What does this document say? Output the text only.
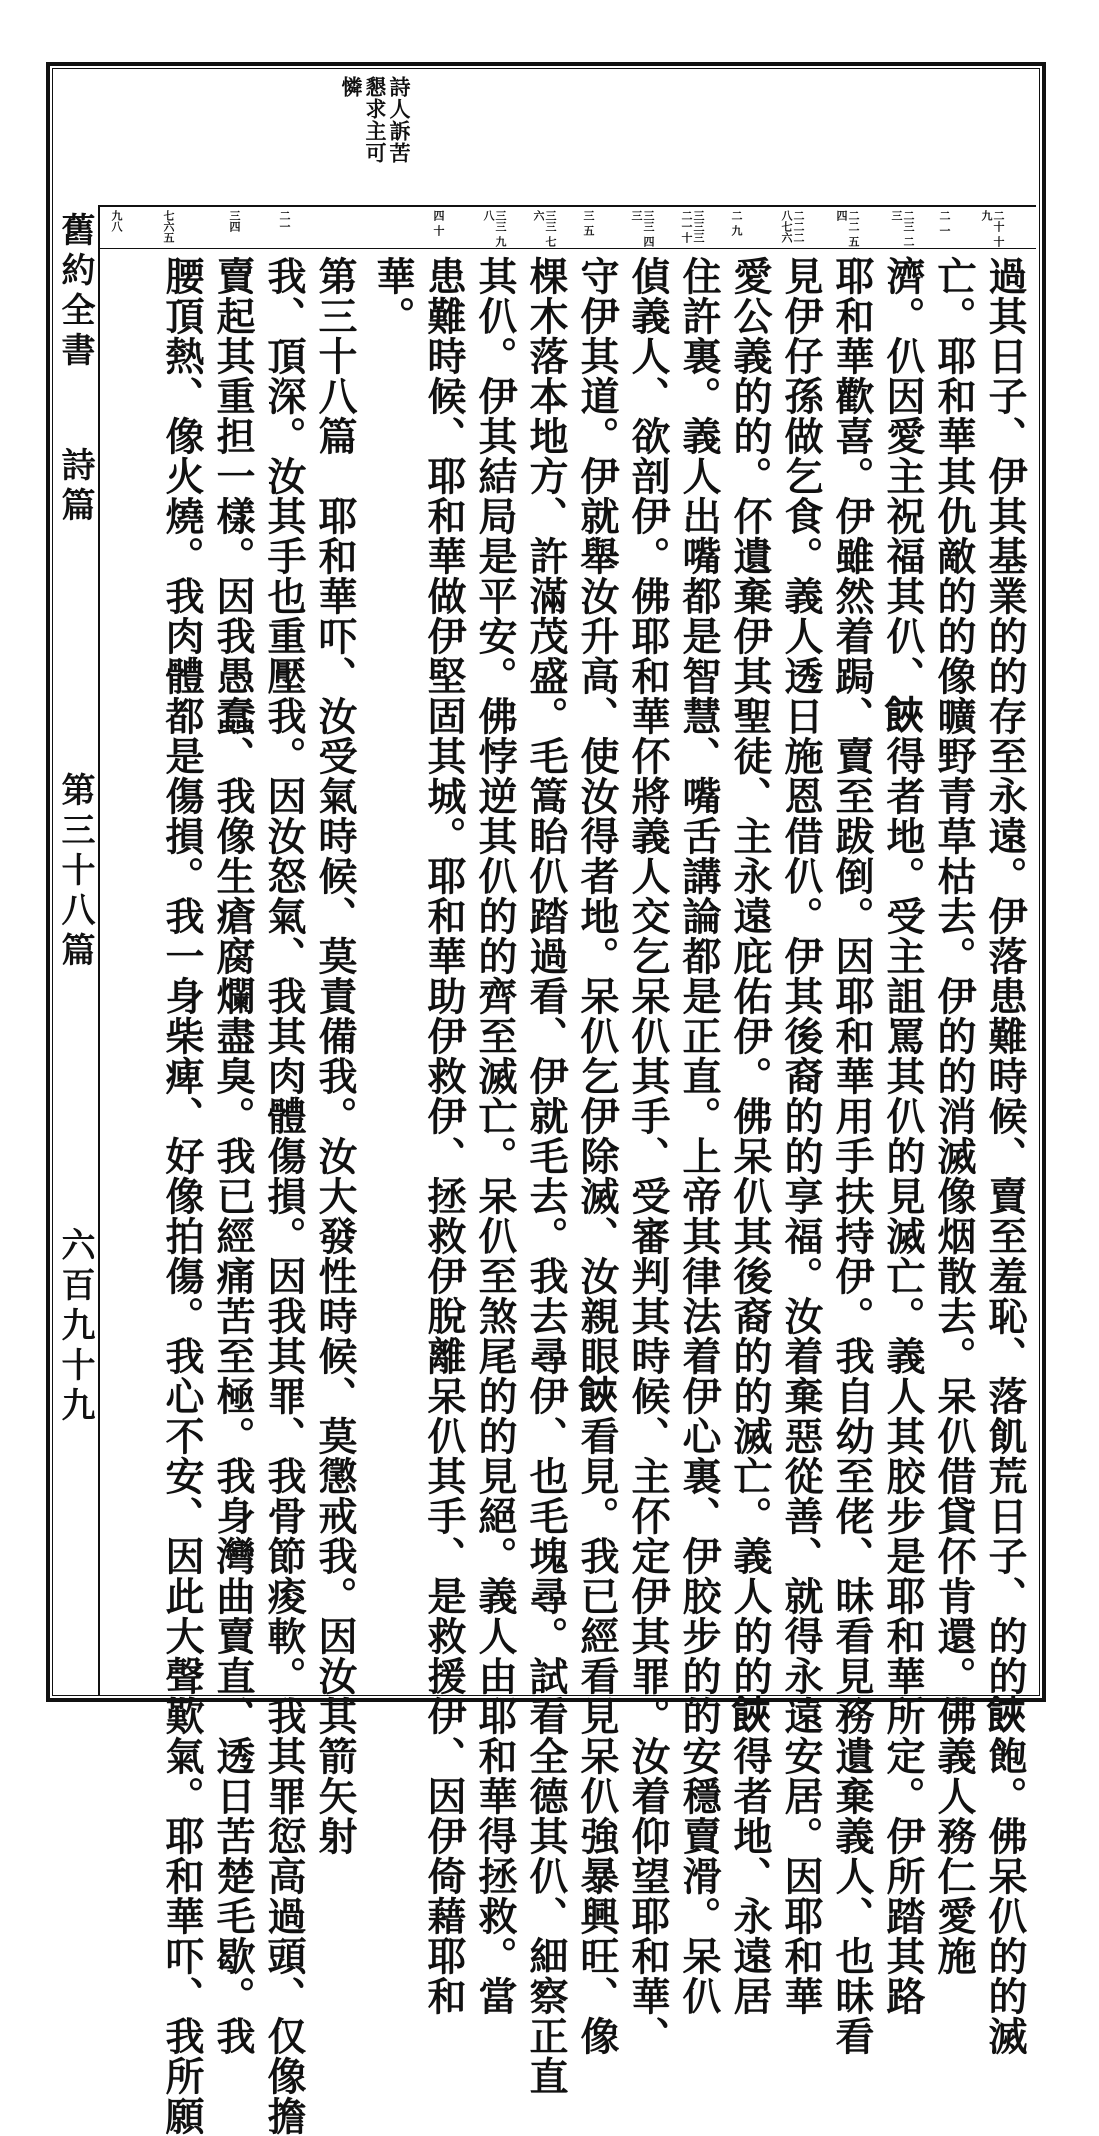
詩人訴苦
懇求主可
憐
舊約全書
詩篇
第三十八篇
六百九十九
二十 十九
二 一
二三 二三
二二 五四
二二二 八七六
二 九
三三三 二一十
三三 四三
三 五
三三 七六
三三 九八
四 十
二一
三四
七六五
九八
過其日子、伊其基業的的存至永遠。伊落患難時候、賣至羞恥、落飢荒日子、的的𩛩飽。佛呆仈的的滅
亡。耶和華其仇敵的的像曠野青草枯去。伊的的消滅像烟散去。呆仈借貸伓肯還。佛義人務仁愛施
濟。仈因愛主祝福其仈、𩛩得者地。受主詛罵其仈的見滅亡。義人其胶步是耶和華所定。伊所踏其路
耶和華歡喜。伊雖然着跼、賣至跋倒。因耶和華用手扶持伊。我自幼至佬、昧看見務遺棄義人、也昧看
見伊仔孫做乞食。義人透日施恩借仈。伊其後裔的的享福。汝着棄惡從善、就得永遠安居。因耶和華
愛公義的的。伓遺棄伊其聖徒、主永遠庇佑伊。佛呆仈其後裔的的滅亡。義人的的𩛩得者地、永遠居
住許裏。義人出嘴都是智慧、嘴舌講論都是正直。上帝其律法着伊心裏、伊胶步的的安穩賣滑。呆仈
偵義人、欲剖伊。佛耶和華伓將義人交乞呆仈其手、受審判其時候、主伓定伊其罪。汝着仰望耶和華、
守伊其道。伊就舉汝升高、使汝得者地。呆仈乞伊除滅、汝親眼𩛩看見。我已經看見呆仈強暴興旺、像
棵木落本地方、許滿茂盛。毛篙眙仈踏過看、伊就毛去。我去尋伊、也毛塊尋。試看全德其仈、細察正直
其仈。伊其結局是平安。佛悖逆其仈的的齊至滅亡。呆仈至煞尾的的見絕。義人由耶和華得拯救。當
患難時候、耶和華做伊堅固其城。耶和華助伊救伊、拯救伊脫離呆仈其手、是救援伊、因伊倚藉耶和
華。
第三十八篇　耶和華吓、汝受氣時候、莫責備我。汝大發性時候、莫懲戒我。因汝其箭矢射
我、頂深。汝其手也重壓我。因汝怒氣、我其肉體傷損。因我其罪、我骨節痠軟。我其罪愆高過頭、仅像擔
賣起其重担一樣。因我愚蠢、我像生瘡腐爛盡臭。我已經痛苦至極。我身灣曲賣直、透日苦楚毛歇。我
腰頂熱、像火燒。我肉體都是傷損。我一身柴痺、好像拍傷。我心不安、因此大聲歎氣。耶和華吓、我所願
